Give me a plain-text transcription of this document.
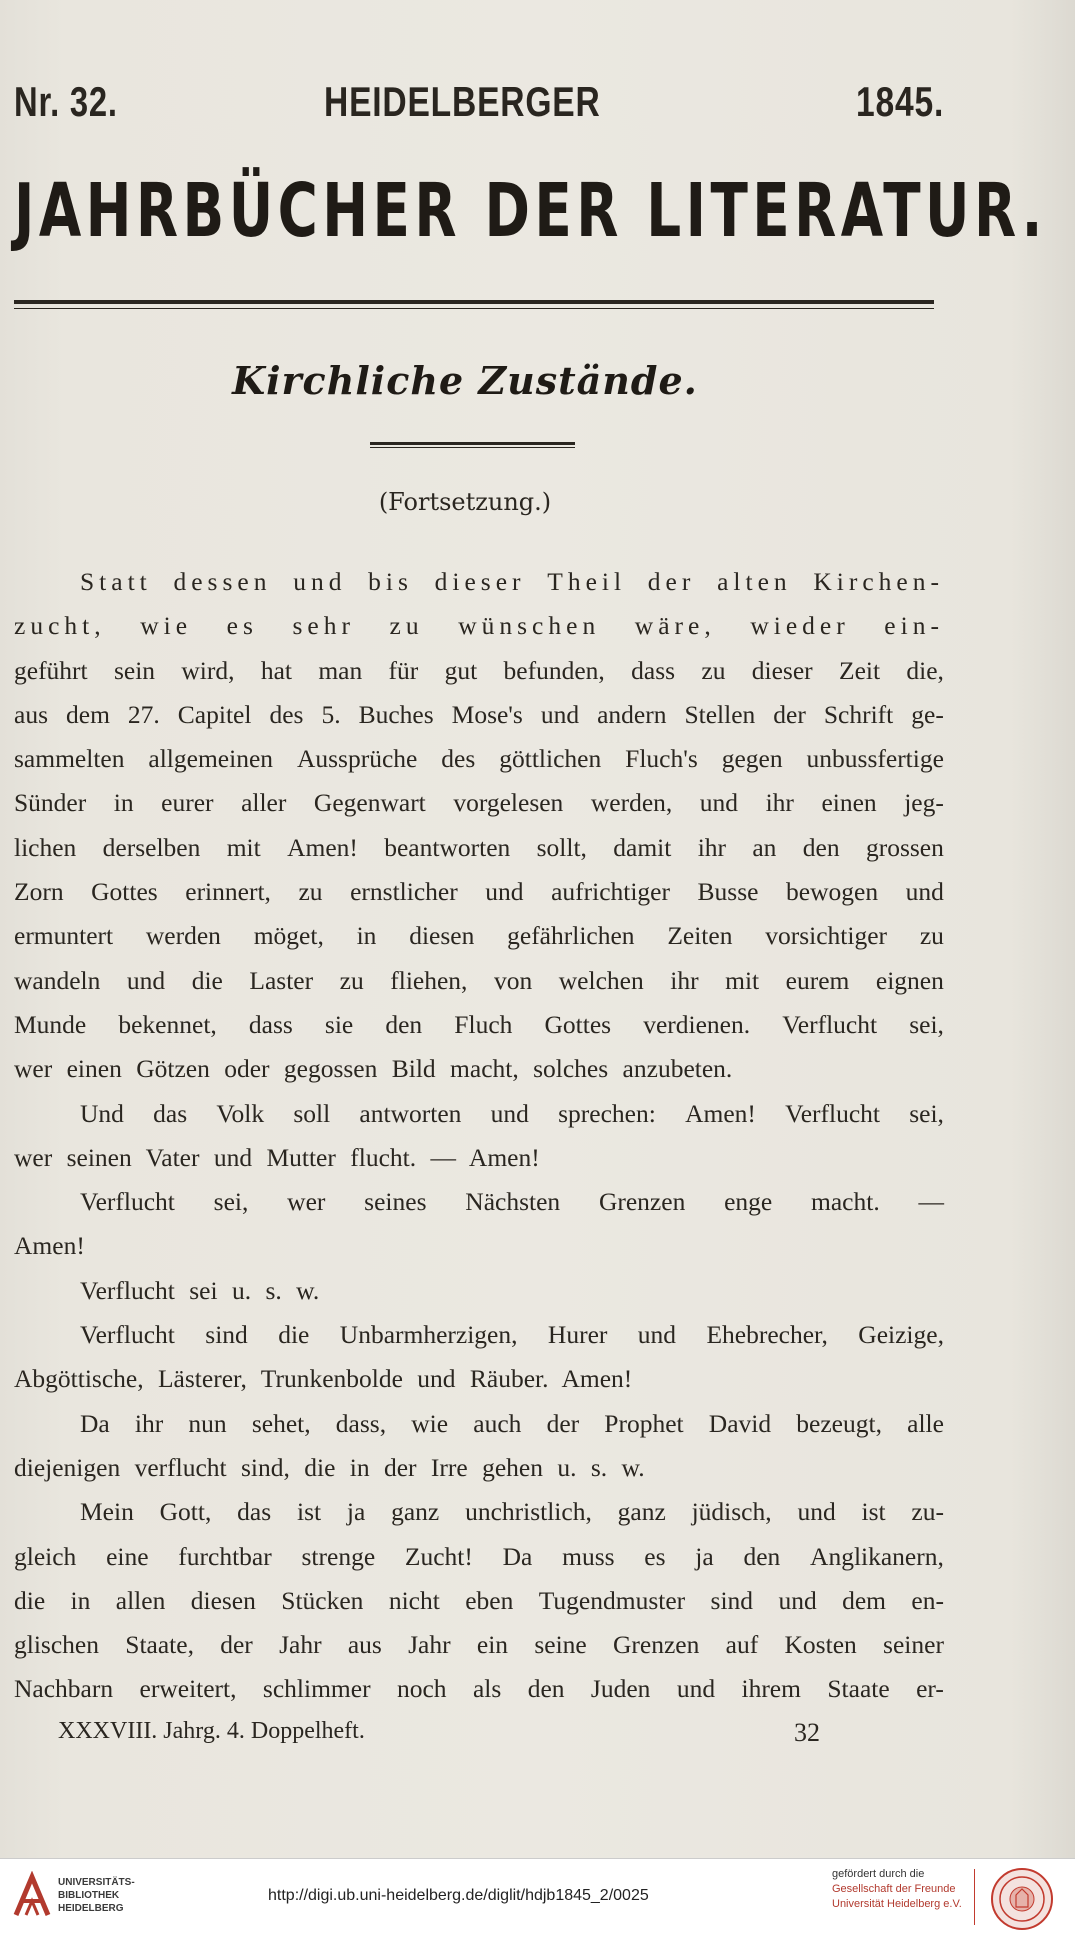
Nr. 32.	HEIDELBERGER	1845.
JAHRBÜCHER DER LITERATUR.
Kirchliche Zustände.
(Fortsetzung.)
Statt dessen und bis dieser Theil der alten Kirchen-
zucht, wie es sehr zu wünschen wäre, wieder ein-
geführt sein wird, hat man für gut befunden, dass zu dieser Zeit die,
aus dem 27. Capitel des 5. Buches Mose's und andern Stellen der Schrift ge-
sammelten allgemeinen Aussprüche des göttlichen Fluch's gegen unbussfertige
Sünder in eurer aller Gegenwart vorgelesen werden, und ihr einen jeg-
lichen derselben mit Amen! beantworten sollt, damit ihr an den grossen
Zorn Gottes erinnert, zu ernstlicher und aufrichtiger Busse bewogen und
ermuntert werden möget, in diesen gefährlichen Zeiten vorsichtiger zu
wandeln und die Laster zu fliehen, von welchen ihr mit eurem eignen
Munde bekennet, dass sie den Fluch Gottes verdienen. Verflucht sei,
wer einen Götzen oder gegossen Bild macht, solches anzubeten.
Und das Volk soll antworten und sprechen: Amen! Verflucht sei,
wer seinen Vater und Mutter flucht. — Amen!
Verflucht sei, wer seines Nächsten Grenzen enge macht. —
Amen!
Verflucht sei u. s. w.
Verflucht sind die Unbarmherzigen, Hurer und Ehebrecher, Geizige,
Abgöttische, Lästerer, Trunkenbolde und Räuber. Amen!
Da ihr nun sehet, dass, wie auch der Prophet David bezeugt, alle
diejenigen verflucht sind, die in der Irre gehen u. s. w.
Mein Gott, das ist ja ganz unchristlich, ganz jüdisch, und ist zu-
gleich eine furchtbar strenge Zucht! Da muss es ja den Anglikanern,
die in allen diesen Stücken nicht eben Tugendmuster sind und dem en-
glischen Staate, der Jahr aus Jahr ein seine Grenzen auf Kosten seiner
Nachbarn erweitert, schlimmer noch als den Juden und ihrem Staate er-
XXXVIII. Jahrg. 4. Doppelheft.	32
UNIVERSITÄTS-
BIBLIOTHEK
HEIDELBERG
http://digi.ub.uni-heidelberg.de/diglit/hdjb1845_2/0025
gefördert durch die
Gesellschaft der Freunde
Universität Heidelberg e.V.
